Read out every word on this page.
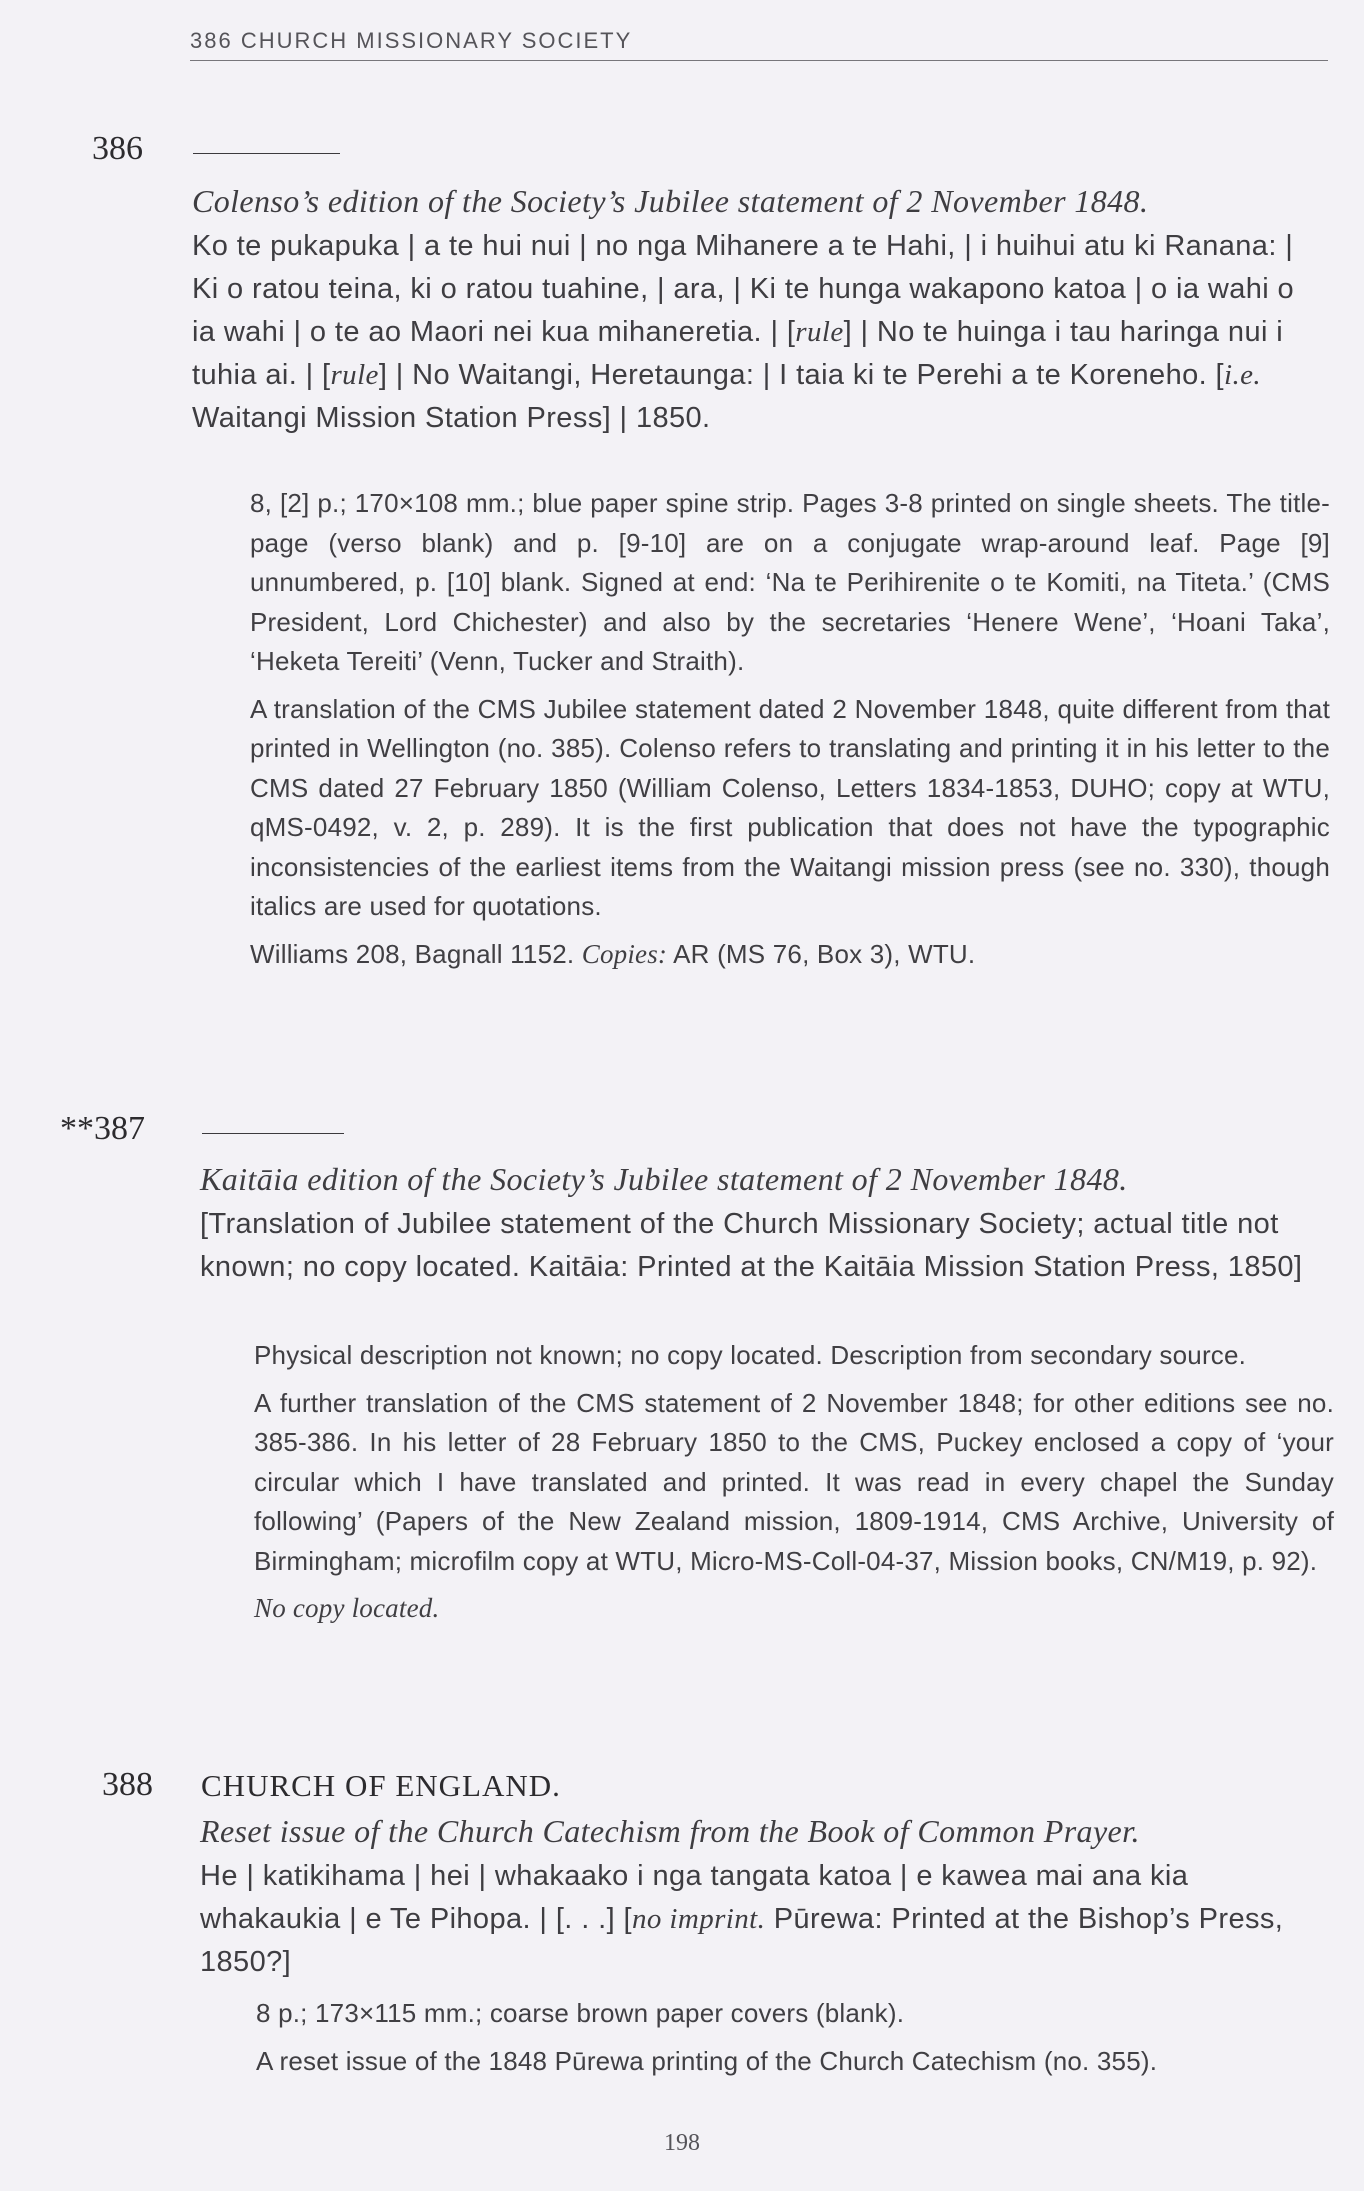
386 CHURCH MISSIONARY SOCIETY
386
Colenso’s edition of the Society’s Jubilee statement of 2 November 1848.
Ko te pukapuka | a te hui nui | no nga Mihanere a te Hahi, | i huihui atu ki Ranana: | Ki o ratou teina, ki o ratou tuahine, | ara, | Ki te hunga wakapono katoa | o ia wahi o ia wahi | o te ao Maori nei kua mihaneretia. | [rule] | No te huinga i tau haringa nui i tuhia ai. | [rule] | No Waitangi, Heretaunga: | I taia ki te Perehi a te Koreneho. [i.e. Waitangi Mission Station Press] | 1850.

8, [2] p.; 170×108 mm.; blue paper spine strip. Pages 3-8 printed on single sheets. The title-page (verso blank) and p. [9-10] are on a conjugate wrap-around leaf. Page [9] unnumbered, p. [10] blank. Signed at end: ‘Na te Perihirenite o te Komiti, na Titeta.’ (CMS President, Lord Chichester) and also by the secretaries ‘Henere Wene’, ‘Hoani Taka’, ‘Heketa Tereiti’ (Venn, Tucker and Straith).

A translation of the CMS Jubilee statement dated 2 November 1848, quite different from that printed in Wellington (no. 385). Colenso refers to translating and printing it in his letter to the CMS dated 27 February 1850 (William Colenso, Letters 1834-1853, DUHO; copy at WTU, qMS-0492, v. 2, p. 289). It is the first publication that does not have the typographic inconsistencies of the earliest items from the Waitangi mission press (see no. 330), though italics are used for quotations.

Williams 208, Bagnall 1152. Copies: AR (MS 76, Box 3), WTU.

**387
Kaitāia edition of the Society’s Jubilee statement of 2 November 1848.
[Translation of Jubilee statement of the Church Missionary Society; actual title not known; no copy located. Kaitāia: Printed at the Kaitāia Mission Station Press, 1850]

Physical description not known; no copy located. Description from secondary source.

A further translation of the CMS statement of 2 November 1848; for other editions see no. 385-386. In his letter of 28 February 1850 to the CMS, Puckey enclosed a copy of ‘your circular which I have translated and printed. It was read in every chapel the Sunday following’ (Papers of the New Zealand mission, 1809-1914, CMS Archive, University of Birmingham; microfilm copy at WTU, Micro-MS-Coll-04-37, Mission books, CN/M19, p. 92).

No copy located.

388 CHURCH OF ENGLAND.
Reset issue of the Church Catechism from the Book of Common Prayer.
He | katikihama | hei | whakaako i nga tangata katoa | e kawea mai ana kia whakaukia | e Te Pihopa. | [. . .] [no imprint. Pūrewa: Printed at the Bishop’s Press, 1850?]

8 p.; 173×115 mm.; coarse brown paper covers (blank).

A reset issue of the 1848 Pūrewa printing of the Church Catechism (no. 355).

198
